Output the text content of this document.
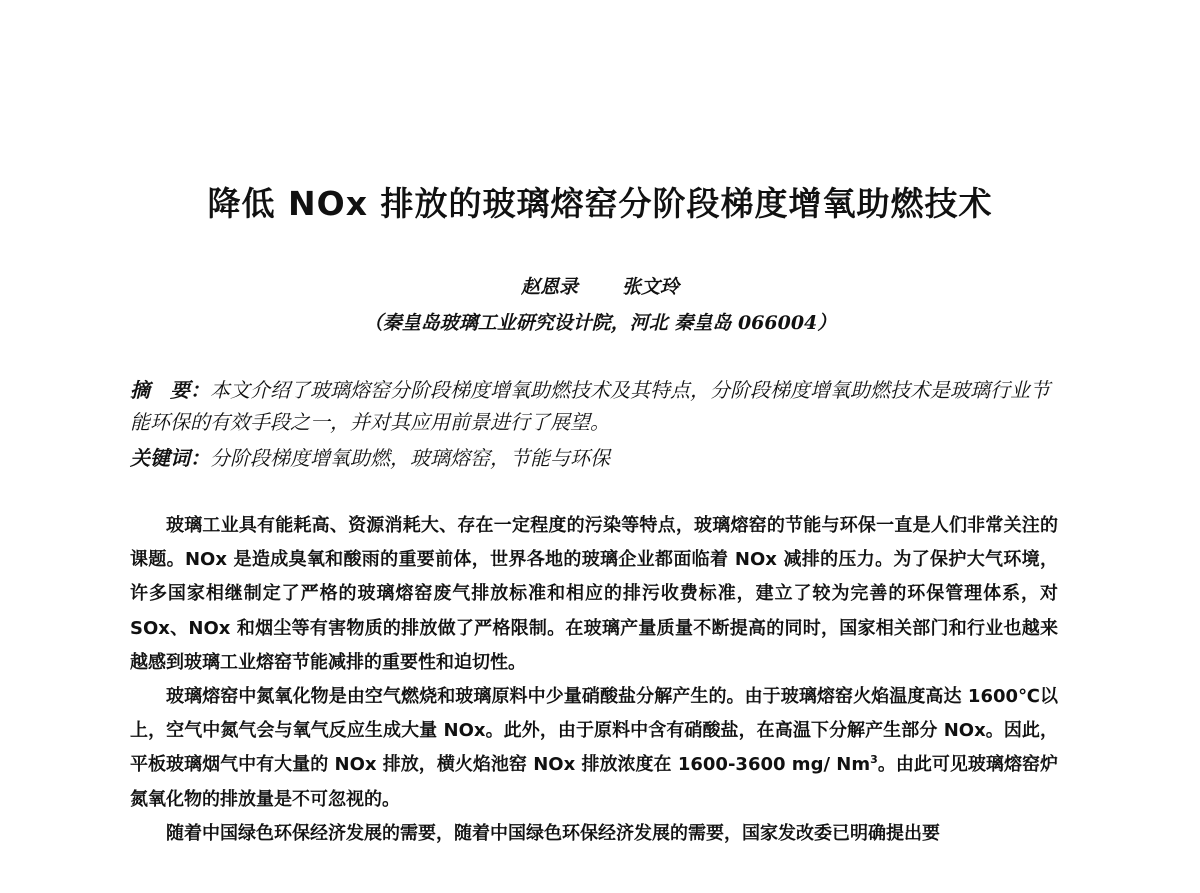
降低 NOx 排放的玻璃熔窑分阶段梯度增氧助燃技术
赵恩录 张文玲
（秦皇岛玻璃工业研究设计院，河北 秦皇岛 066004）
摘　要：本文介绍了玻璃熔窑分阶段梯度增氧助燃技术及其特点，分阶段梯度增氧助燃技术是玻璃行业节能环保的有效手段之一，并对其应用前景进行了展望。
关键词：分阶段梯度增氧助燃，玻璃熔窑，节能与环保

玻璃工业具有能耗高、资源消耗大、存在一定程度的污染等特点，玻璃熔窑的节能与环保一直是人们非常关注的课题。NOx 是造成臭氧和酸雨的重要前体，世界各地的玻璃企业都面临着 NOx 减排的压力。为了保护大气环境，许多国家相继制定了严格的玻璃熔窑废气排放标准和相应的排污收费标准，建立了较为完善的环保管理体系，对 SOx、NOx 和烟尘等有害物质的排放做了严格限制。在玻璃产量质量不断提高的同时，国家相关部门和行业也越来越感到玻璃工业熔窑节能减排的重要性和迫切性。

玻璃熔窑中氮氧化物是由空气燃烧和玻璃原料中少量硝酸盐分解产生的。由于玻璃熔窑火焰温度高达 1600℃以上，空气中氮气会与氧气反应生成大量 NOx。此外，由于原料中含有硝酸盐，在高温下分解产生部分 NOx。因此，平板玻璃烟气中有大量的 NOx 排放，横火焰池窑 NOx 排放浓度在 1600-3600 mg/ Nm$^3$。由此可见玻璃熔窑炉氮氧化物的排放量是不可忽视的。

随着中国绿色环保经济发展的需要，随着中国绿色环保经济发展的需要，国家发改委已明确提出要
